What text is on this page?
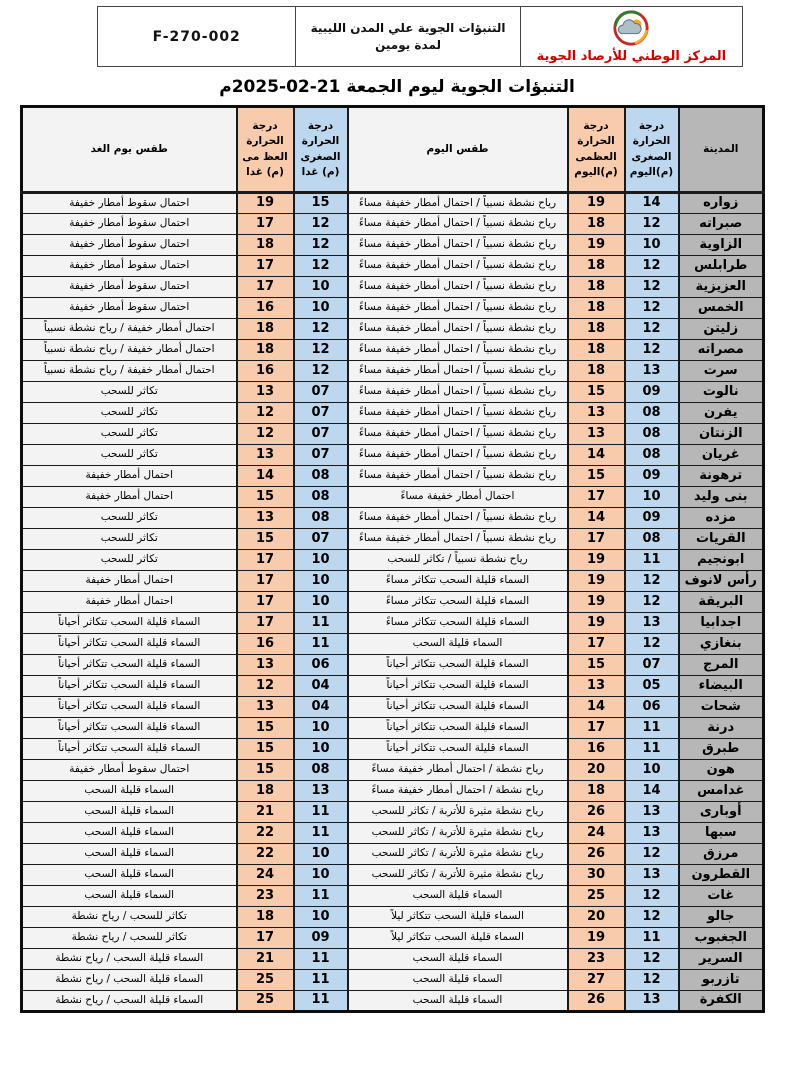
المركز الوطني للأرصاد الجوية
التنبؤات الجوية علي المدن الليبية
لمدة يومين
F-270-002
التنبؤات الجوية ليوم الجمعة 21-02-2025م
المدينة	درجة الحرارة الصغرى (م)اليوم	درجة الحرارة العظمى (م)اليوم	طقس اليوم	درجة الحرارة الصغرى (م) غدا	درجة الحرارة العظ مى (م) غدا	طقس يوم الغد
زواره	14	19	رياح نشطة نسبياً / احتمال أمطار خفيفة مساءً	15	19	احتمال سقوط أمطار خفيفة
صبراته	12	18	رياح نشطة نسبياً / احتمال أمطار خفيفة مساءً	12	17	احتمال سقوط أمطار خفيفة
الزاوية	10	19	رياح نشطة نسبياً / احتمال أمطار خفيفة مساءً	12	18	احتمال سقوط أمطار خفيفة
طرابلس	12	18	رياح نشطة نسبياً / احتمال أمطار خفيفة مساءً	12	17	احتمال سقوط أمطار خفيفة
العزيزية	12	18	رياح نشطة نسبياً / احتمال أمطار خفيفة مساءً	10	17	احتمال سقوط أمطار خفيفة
الخمس	12	18	رياح نشطة نسبياً / احتمال أمطار خفيفة مساءً	10	16	احتمال سقوط أمطار خفيفة
زليتن	12	18	رياح نشطة نسبياً / احتمال أمطار خفيفة مساءً	12	18	احتمال أمطار خفيفة / رياح نشطة نسبياً
مصراته	12	18	رياح نشطة نسبياً / احتمال أمطار خفيفة مساءً	12	18	احتمال أمطار خفيفة / رياح نشطة نسبياً
سرت	13	18	رياح نشطة نسبياً / احتمال أمطار خفيفة مساءً	12	16	احتمال أمطار خفيفة / رياح نشطة نسبياً
نالوت	09	15	رياح نشطة نسبياً / احتمال أمطار خفيفة مساءً	07	13	تكاثر للسحب
يفرن	08	13	رياح نشطة نسبياً / احتمال أمطار خفيفة مساءً	07	12	تكاثر للسحب
الزنتان	08	13	رياح نشطة نسبياً / احتمال أمطار خفيفة مساءً	07	12	تكاثر للسحب
غريان	08	14	رياح نشطة نسبياً / احتمال أمطار خفيفة مساءً	07	13	تكاثر للسحب
ترهونة	09	15	رياح نشطة نسبياً / احتمال أمطار خفيفة مساءً	08	14	احتمال أمطار خفيفة
بنى وليد	10	17	احتمال أمطار خفيفة مساءً	08	15	احتمال أمطار خفيفة
مزده	09	14	رياح نشطة نسبياً / احتمال أمطار خفيفة مساءً	08	13	تكاثر للسحب
القريات	08	17	رياح نشطة نسبياً / احتمال أمطار خفيفة مساءً	07	15	تكاثر للسحب
ابونجيم	11	19	رياح نشطة نسبياً / تكاثر للسحب	10	17	تكاثر للسحب
رأس لانوف	12	19	السماء قليلة السحب تتكاثر مساءً	10	17	احتمال أمطار خفيفة
البريقة	12	19	السماء قليلة السحب تتكاثر مساءً	10	17	احتمال أمطار خفيفة
اجدابيا	13	19	السماء قليلة السحب تتكاثر مساءً	11	17	السماء قليلة السحب تتكاثر أحياناً
بنغازي	12	17	السماء قليلة السحب	11	16	السماء قليلة السحب تتكاثر أحياناً
المرج	07	15	السماء قليلة السحب تتكاثر أحياناً	06	13	السماء قليلة السحب تتكاثر أحياناً
البيضاء	05	13	السماء قليلة السحب تتكاثر أحياناً	04	12	السماء قليلة السحب تتكاثر أحياناً
شحات	06	14	السماء قليلة السحب تتكاثر أحياناً	04	13	السماء قليلة السحب تتكاثر أحياناً
درنة	11	17	السماء قليلة السحب تتكاثر أحياناً	10	15	السماء قليلة السحب تتكاثر أحياناً
طبرق	11	16	السماء قليلة السحب تتكاثر أحياناً	10	15	السماء قليلة السحب تتكاثر أحياناً
هون	10	20	رياح نشطة / احتمال أمطار خفيفة مساءً	08	15	احتمال سقوط أمطار خفيفة
غدامس	14	18	رياح نشطة / احتمال أمطار خفيفة مساءً	13	18	السماء قليلة السحب
أوبارى	13	26	رياح نشطة مثيرة للأتربة / تكاثر للسحب	11	21	السماء قليلة السحب
سبها	13	24	رياح نشطة مثيرة للأتربة / تكاثر للسحب	11	22	السماء قليلة السحب
مرزق	12	26	رياح نشطة مثيرة للأتربة / تكاثر للسحب	10	22	السماء قليلة السحب
القطرون	13	30	رياح نشطة مثيرة للأتربة / تكاثر للسحب	10	24	السماء قليلة السحب
غات	12	25	السماء قليلة السحب	11	23	السماء قليلة السحب
جالو	12	20	السماء قليلة السحب تتكاثر ليلاً	10	18	تكاثر للسحب / رياح نشطة
الجغبوب	11	19	السماء قليلة السحب تتكاثر ليلاً	09	17	تكاثر للسحب / رياح نشطة
السرير	12	23	السماء قليلة السحب	11	21	السماء قليلة السحب / رياح نشطة
تازربو	12	27	السماء قليلة السحب	11	25	السماء قليلة السحب / رياح نشطة
الكفرة	13	26	السماء قليلة السحب	11	25	السماء قليلة السحب / رياح نشطة
